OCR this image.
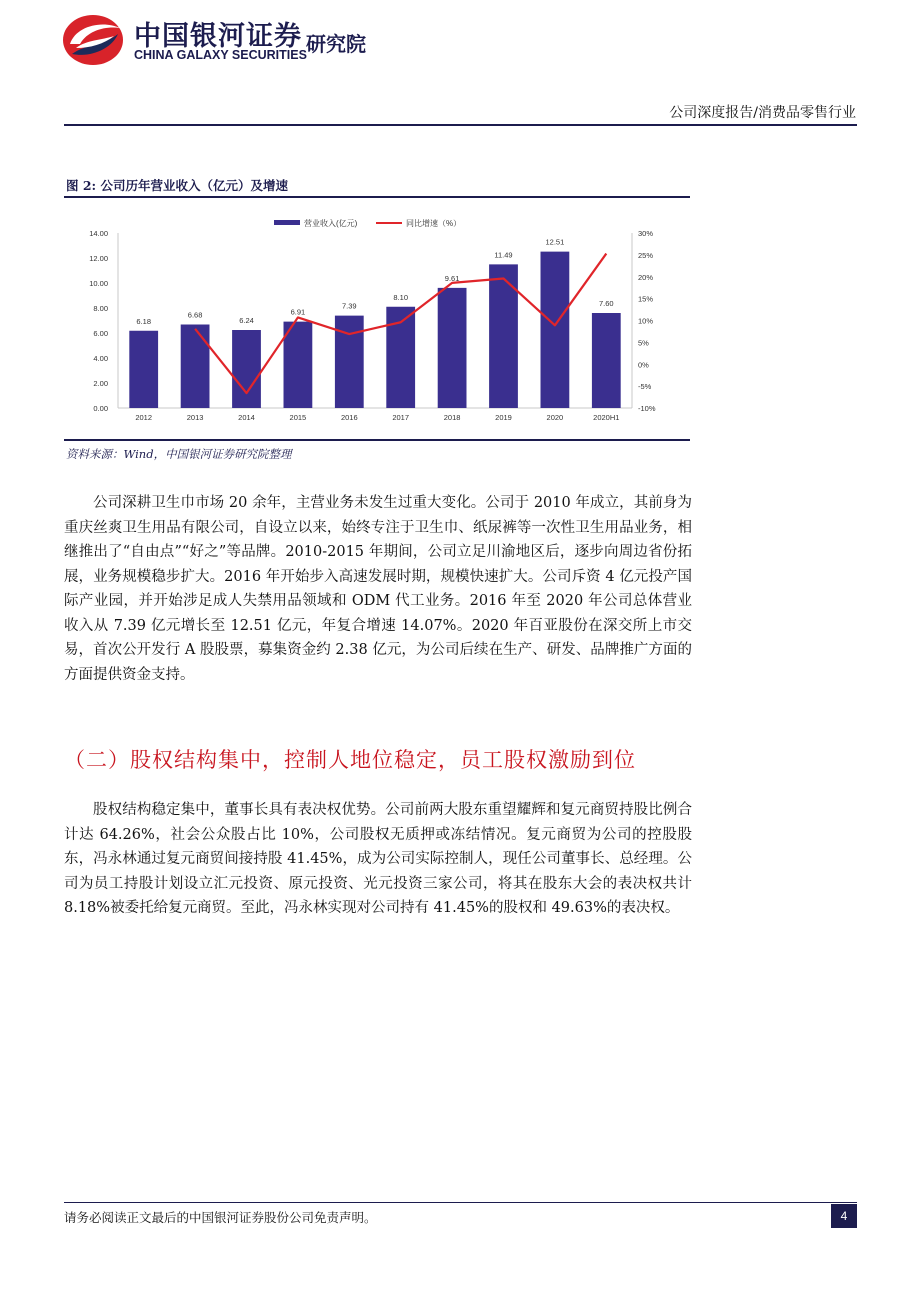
中国银河证券
CHINA GALAXY SECURITIES 研究院
公司深度报告/消费品零售行业
图 2: 公司历年营业收入（亿元）及增速
营业收入(亿元)	同比增速（%）
14.00
12.00
10.00
8.00
6.00
4.00
2.00
0.00
30%
25%
20%
15%
10%
5%
0%
-5%
-10%
2012	2013	2014	2015	2016	2017	2018	2019	2020	2020H1
6.18
6.68
6.24
6.91
7.39
8.10
9.61
11.49
12.51
7.60
资料来源：Wind，中国银河证券研究院整理

公司深耕卫生巾市场 20 余年，主营业务未发生过重大变化。公司于 2010 年成立，其前身为重庆丝爽卫生用品有限公司，自设立以来，始终专注于卫生巾、纸尿裤等一次性卫生用品业务，相继推出了“自由点”“好之”等品牌。2010-2015 年期间，公司立足川渝地区后，逐步向周边省份拓展，业务规模稳步扩大。2016 年开始步入高速发展时期，规模快速扩大。公司斥资 4 亿元投产国际产业园，并开始涉足成人失禁用品领域和 ODM 代工业务。2016 年至 2020 年公司总体营业收入从 7.39 亿元增长至 12.51 亿元，年复合增速 14.07%。2020 年百亚股份在深交所上市交易，首次公开发行 A 股股票，募集资金约 2.38 亿元，为公司后续在生产、研发、品牌推广方面的方面提供资金支持。

（二）股权结构集中，控制人地位稳定，员工股权激励到位

股权结构稳定集中，董事长具有表决权优势。公司前两大股东重望耀辉和复元商贸持股比例合计达 64.26%，社会公众股占比 10%，公司股权无质押或冻结情况。复元商贸为公司的控股股东，冯永林通过复元商贸间接持股 41.45%，成为公司实际控制人，现任公司董事长、总经理。公司为员工持股计划设立汇元投资、原元投资、光元投资三家公司，将其在股东大会的表决权共计 8.18%被委托给复元商贸。至此，冯永林实现对公司持有 41.45%的股权和 49.63%的表决权。

请务必阅读正文最后的中国银河证券股份公司免责声明。	4
